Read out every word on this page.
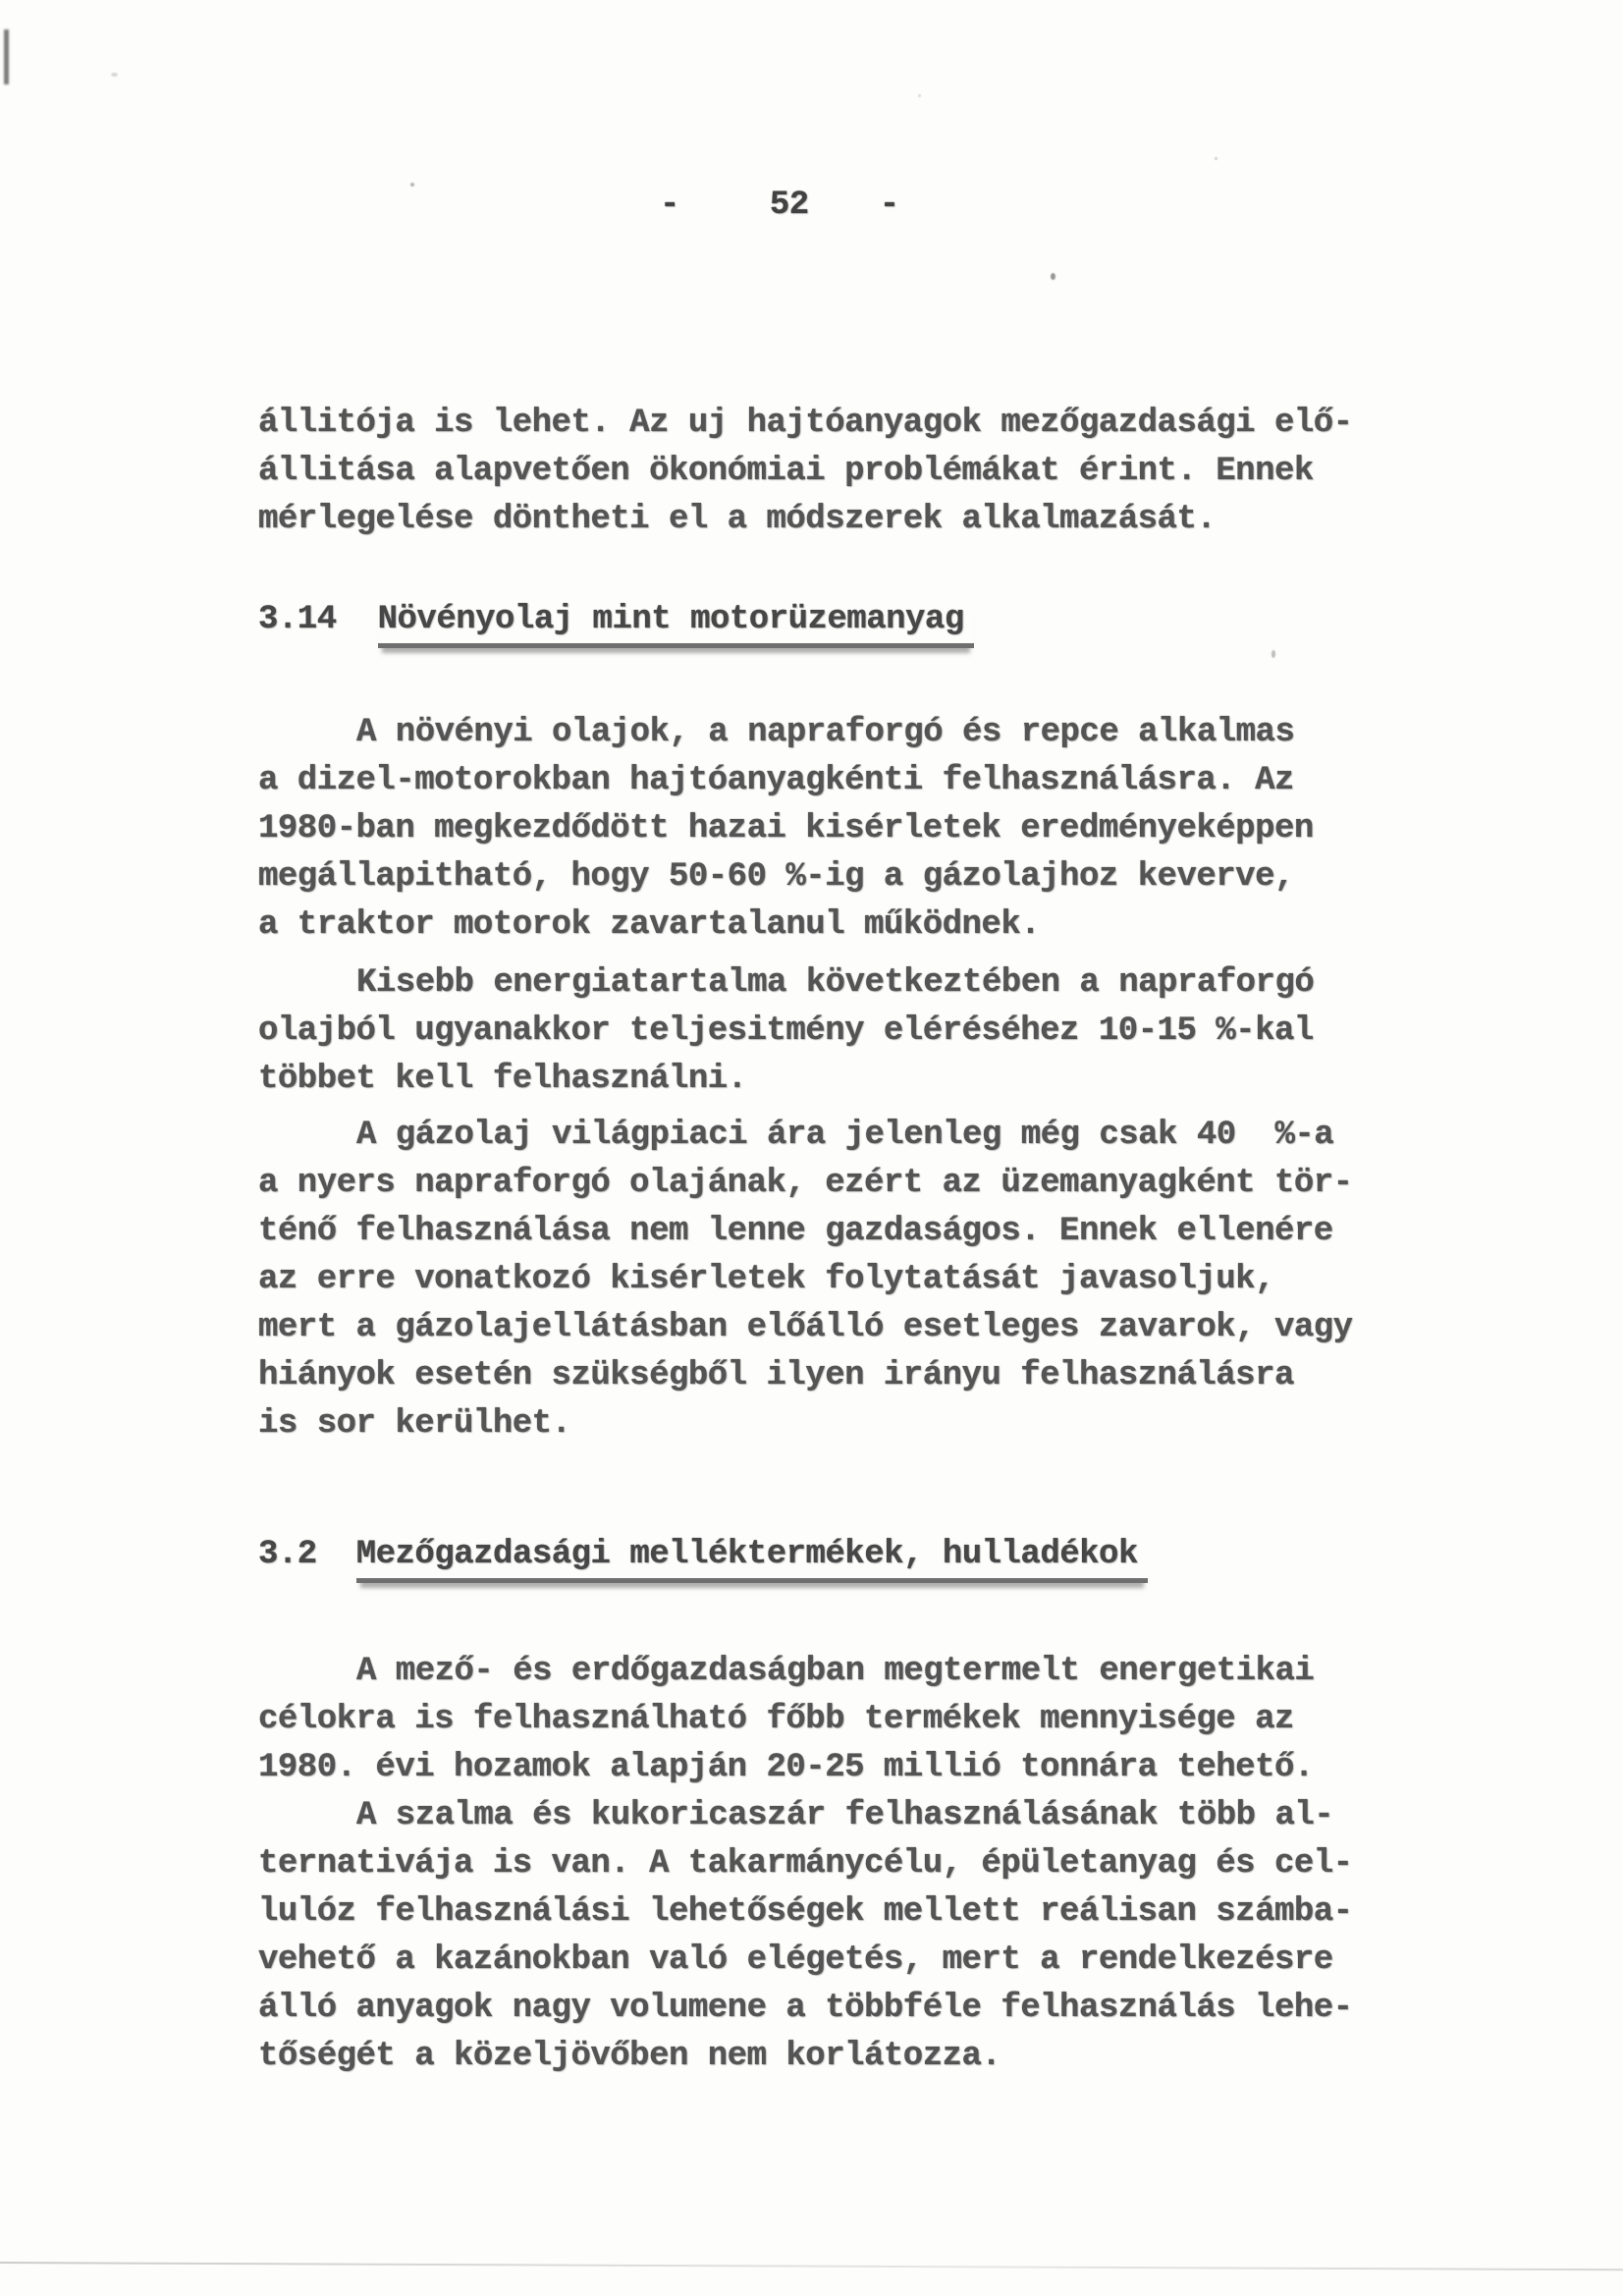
-	52 -
állitója is lehet. Az uj hajtóanyagok mezőgazdasági elő-
állitása alapvetően ökonómiai problémákat érint. Ennek
mérlegelése döntheti el a módszerek alkalmazását.
3.14 Növényolaj mint motorüzemanyag
A növényi olajok, a napraforgó és repce alkalmas
a dizel-motorokban hajtóanyagkénti felhasználásra. Az
1980-ban megkezdődött hazai kisérletek eredményeképpen
megállapitható, hogy 50-60 %-ig a gázolajhoz keverve,
a traktor motorok zavartalanul működnek.
Kisebb energiatartalma következtében a napraforgó
olajból ugyanakkor teljesitmény eléréséhez 10-15 %-kal
többet kell felhasználni.
A gázolaj világpiaci ára jelenleg még csak 40  %-a
a nyers napraforgó olajának, ezért az üzemanyagként tör-
ténő felhasználása nem lenne gazdaságos. Ennek ellenére
az erre vonatkozó kisérletek folytatását javasoljuk,
mert a gázolajellátásban előálló esetleges zavarok, vagy
hiányok esetén szükségből ilyen irányu felhasználásra
is sor kerülhet.
3.2 Mezőgazdasági melléktermékek, hulladékok
A mező- és erdőgazdaságban megtermelt energetikai
célokra is felhasználható főbb termékek mennyisége az
1980. évi hozamok alapján 20-25 millió tonnára tehető.
A szalma és kukoricaszár felhasználásának több al-
ternativája is van. A takarmánycélu, épületanyag és cel-
lulóz felhasználási lehetőségek mellett reálisan számba-
vehető a kazánokban való elégetés, mert a rendelkezésre
álló anyagok nagy volumene a többféle felhasználás lehe-
tőségét a közeljövőben nem korlátozza.
